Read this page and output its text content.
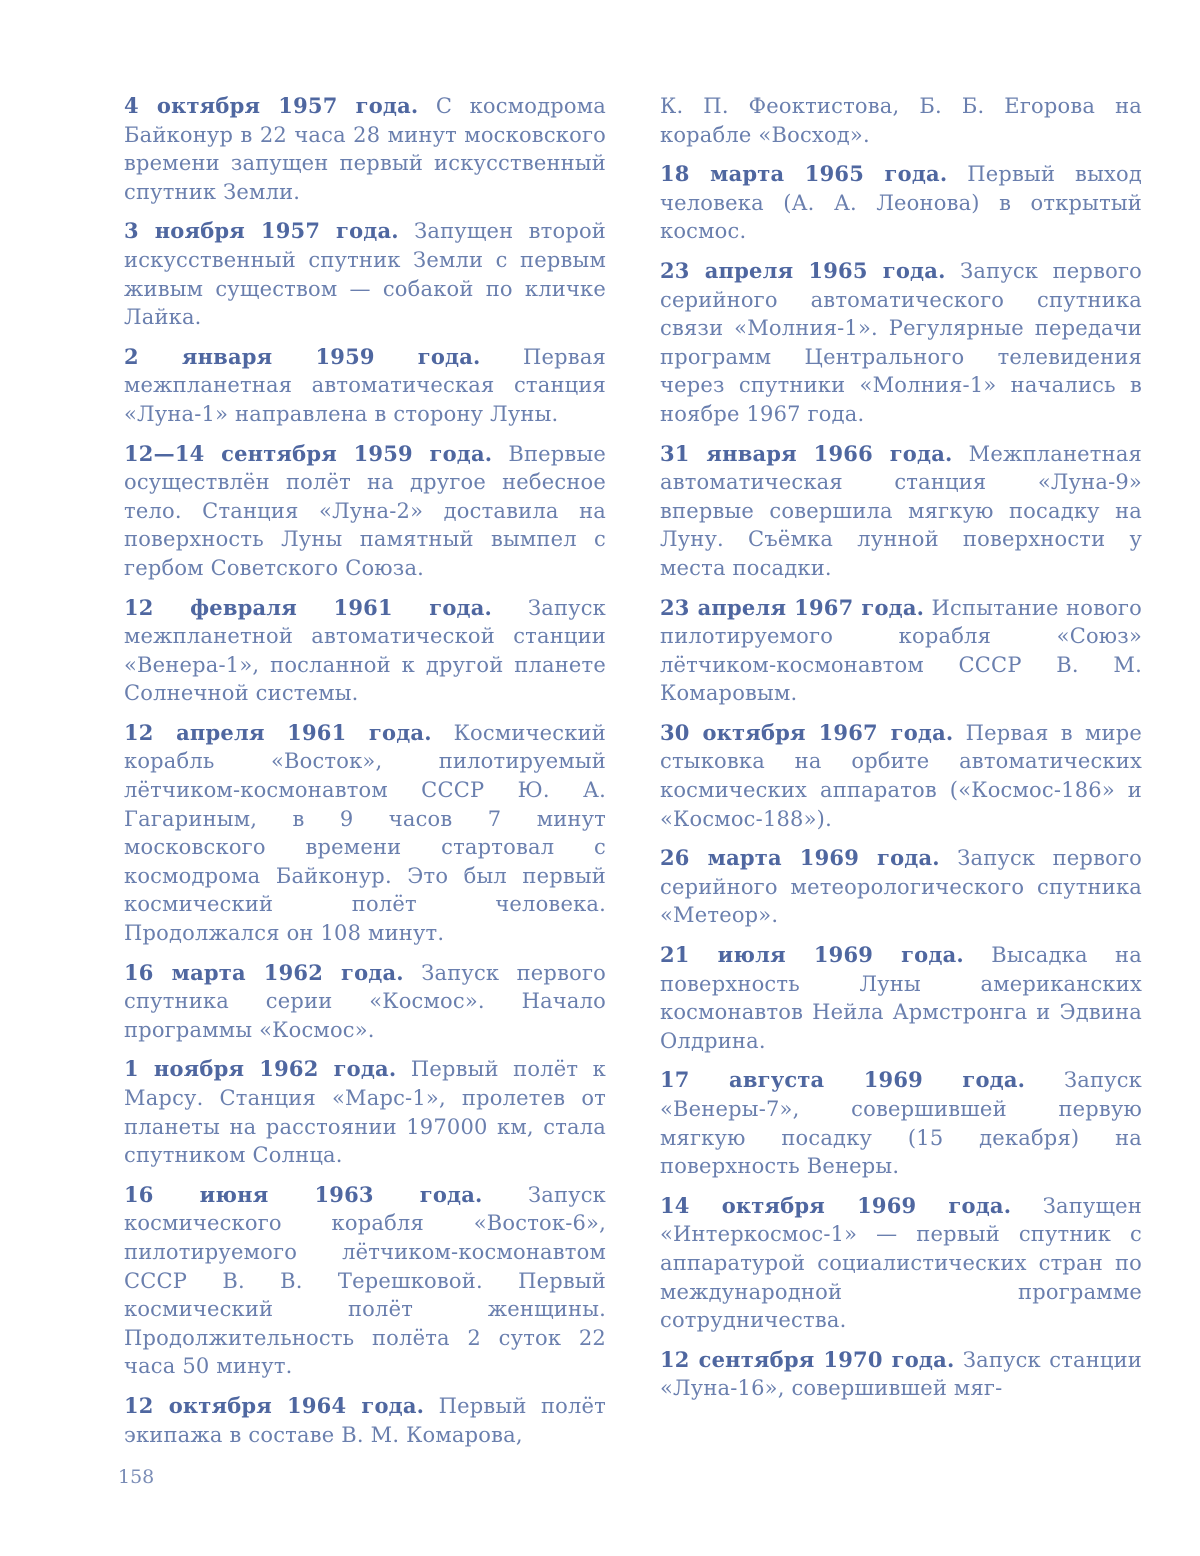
4 октября 1957 года. С космодрома Байконур в 22 часа 28 минут московского времени запущен первый искусственный спутник Земли.

3 ноября 1957 года. Запущен второй искусственный спутник Земли с первым живым существом — собакой по кличке Лайка.

2 января 1959 года. Первая межпланетная автоматическая станция «Луна-1» направлена в сторону Луны.

12—14 сентября 1959 года. Впервые осуществлён полёт на другое небесное тело. Станция «Луна-2» доставила на поверхность Луны памятный вымпел с гербом Советского Союза.

12 февраля 1961 года. Запуск межпланетной автоматической станции «Венера-1», посланной к другой планете Солнечной системы.

12 апреля 1961 года. Космический корабль «Восток», пилотируемый лётчиком-космонавтом СССР Ю. А. Гагариным, в 9 часов 7 минут московского времени стартовал с космодрома Байконур. Это был первый космический полёт человека. Продолжался он 108 минут.

16 марта 1962 года. Запуск первого спутника серии «Космос». Начало программы «Космос».

1 ноября 1962 года. Первый полёт к Марсу. Станция «Марс-1», пролетев от планеты на расстоянии 197000 км, стала спутником Солнца.

16 июня 1963 года. Запуск космического корабля «Восток-6», пилотируемого лётчиком-космонавтом СССР В. В. Терешковой. Первый космический полёт женщины. Продолжительность полёта 2 суток 22 часа 50 минут.

12 октября 1964 года. Первый полёт экипажа в составе В. М. Комарова,

К. П. Феоктистова, Б. Б. Егорова на корабле «Восход».

18 марта 1965 года. Первый выход человека (А. А. Леонова) в открытый космос.

23 апреля 1965 года. Запуск первого серийного автоматического спутника связи «Молния-1». Регулярные передачи программ Центрального телевидения через спутники «Молния-1» начались в ноябре 1967 года.

31 января 1966 года. Межпланетная автоматическая станция «Луна-9» впервые совершила мягкую посадку на Луну. Съёмка лунной поверхности у места посадки.

23 апреля 1967 года. Испытание нового пилотируемого корабля «Союз» лётчиком-космонавтом СССР В. М. Комаровым.

30 октября 1967 года. Первая в мире стыковка на орбите автоматических космических аппаратов («Космос-186» и «Космос-188»).

26 марта 1969 года. Запуск первого серийного метеорологического спутника «Метеор».

21 июля 1969 года. Высадка на поверхность Луны американских космонавтов Нейла Армстронга и Эдвина Олдрина.

17 августа 1969 года. Запуск «Венеры-7», совершившей первую мягкую посадку (15 декабря) на поверхность Венеры.

14 октября 1969 года. Запущен «Интеркосмос-1» — первый спутник с аппаратурой социалистических стран по международной программе сотрудничества.

12 сентября 1970 года. Запуск станции «Луна-16», совершившей мяг-

158
